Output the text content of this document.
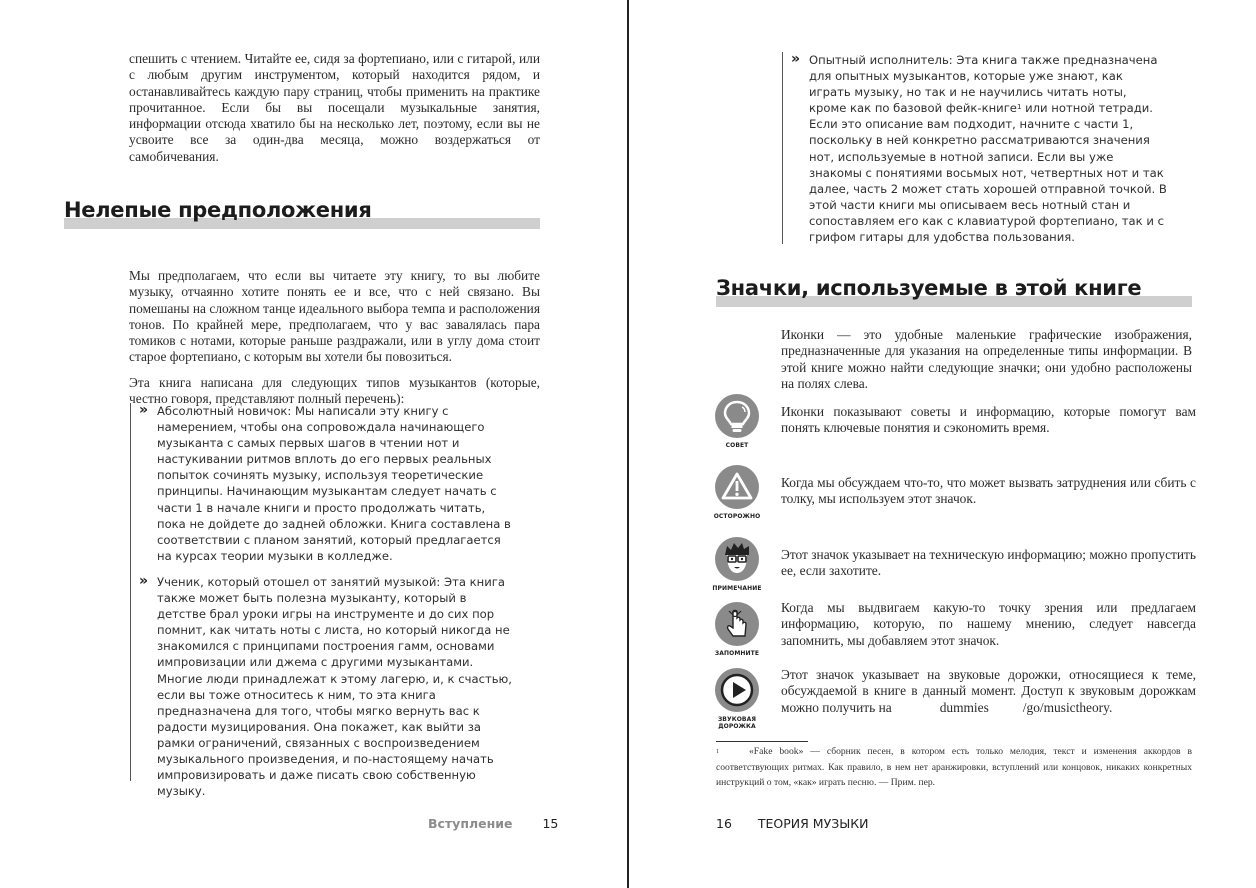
спешить с чтением. Читайте ее, сидя за фортепиано, или с гитарой, или с любым другим инструментом, который находится рядом, и останавливайтесь каждую пару страниц, чтобы применить на практике прочитанное. Если бы вы посещали музыкальные занятия, информации отсюда хватило бы на несколько лет, поэтому, если вы не усвоите все за один-два месяца, можно воздержаться от самобичевания.

Нелепые предположения

Мы предполагаем, что если вы читаете эту книгу, то вы любите музыку, отчаянно хотите понять ее и все, что с ней связано. Вы помешаны на сложном танце идеального выбора темпа и расположения тонов. По крайней мере, предполагаем, что у вас завалялась пара томиков с нотами, которые раньше раздражали, или в углу дома стоит старое фортепиано, с которым вы хотели бы повозиться.

Эта книга написана для следующих типов музыкантов (которые, честно говоря, представляют полный перечень):

» Абсолютный новичок: Мы написали эту книгу с намерением, чтобы она сопровождала начинающего музыканта с самых первых шагов в чтении нот и настукивании ритмов вплоть до его первых реальных попыток сочинять музыку, используя теоретические принципы. Начинающим музыкантам следует начать с части 1 в начале книги и просто продолжать читать, пока не дойдете до задней обложки. Книга составлена в соответствии с планом занятий, который предлагается на курсах теории музыки в колледже.
» Ученик, который отошел от занятий музыкой: Эта книга также может быть полезна музыканту, который в детстве брал уроки игры на инструменте и до сих пор помнит, как читать ноты с листа, но который никогда не знакомился с принципами построения гамм, основами импровизации или джема с другими музыкантами. Многие люди принадлежат к этому лагерю, и, к счастью, если вы тоже относитесь к ним, то эта книга предназначена для того, чтобы мягко вернуть вас к радости музицирования. Она покажет, как выйти за рамки ограничений, связанных с воспроизведением музыкального произведения, и по-настоящему начать импровизировать и даже писать свою собственную музыку.
Вступление 15
» Опытный исполнитель: Эта книга также предназначена для опытных музыкантов, которые уже знают, как играть музыку, но так и не научились читать ноты, кроме как по базовой фейк-книге$^1$ или нотной тетради. Если это описание вам подходит, начните с части 1, поскольку в ней конкретно рассматриваются значения нот, используемые в нотной записи. Если вы уже знакомы с понятиями восьмых нот, четвертных нот и так далее, часть 2 может стать хорошей отправной точкой. В этой части книги мы описываем весь нотный стан и сопоставляем его как с клавиатурой фортепиано, так и с грифом гитары для удобства пользования.
Значки, используемые в этой книге

Иконки — это удобные маленькие графические изображения, предназначенные для указания на определенные типы информации. В этой книге можно найти следующие значки; они удобно расположены на полях слева.

СОВЕТ
Иконки показывают советы и информацию, которые помогут вам понять ключевые понятия и сэкономить время.
ОСТОРОЖНО
Когда мы обсуждаем что-то, что может вызвать затруднения или сбить с толку, мы используем этот значок.
ПРИМЕЧАНИЕ
Этот значок указывает на техническую информацию; можно пропустить ее, если захотите.
ЗАПОМНИТЕ
Когда мы выдвигаем какую-то точку зрения или предлагаем информацию, которую, по нашему мнению, следует навсегда запомнить, мы добавляем этот значок.
ЗВУКОВАЯ ДОРОЖКА
Этот значок указывает на звуковые дорожки, относящиеся к теме, обсуждаемой в книге в данный момент. Доступ к звуковым дорожкам можно получить на	dummies	/go/musictheory.
$^1$	«Fake book» — сборник песен, в котором есть только мелодия, текст и изменения аккордов в соответствующих ритмах. Как правило, в нем нет аранжировки, вступлений или концовок, никаких конкретных инструкций о том, «как» играть песню. — Прим. пер.
16 ТЕОРИЯ МУЗЫКИ
